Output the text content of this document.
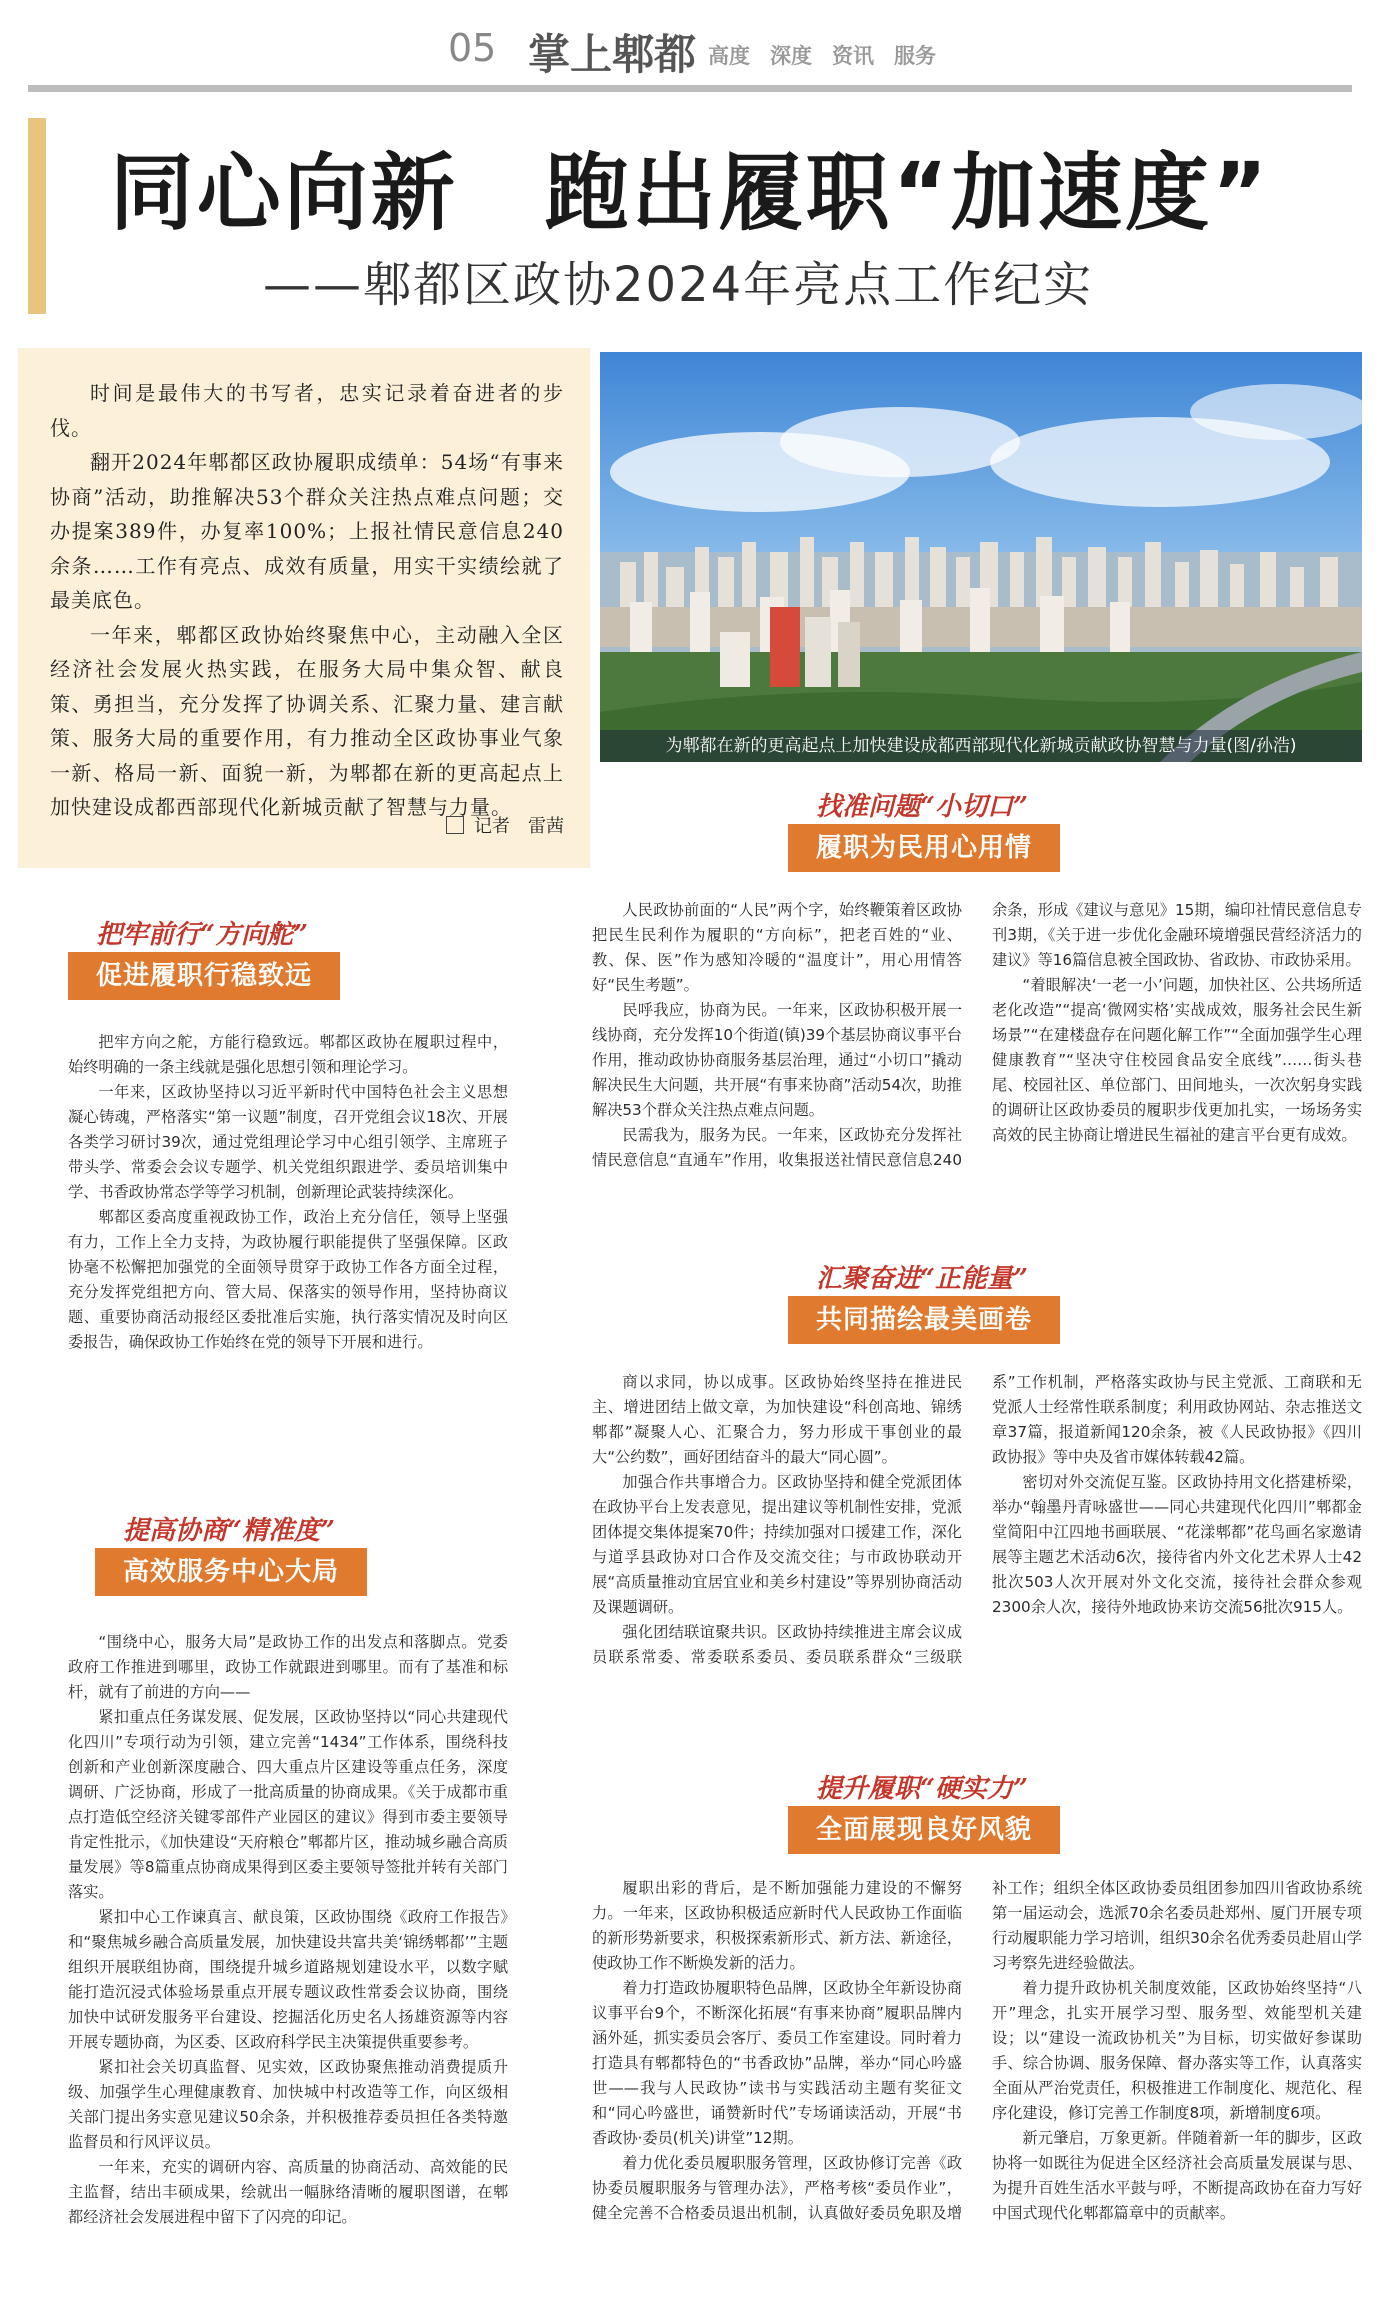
05 掌上郫都 高度 深度 资讯 服务
同心向新　跑出履职“加速度”
——郫都区政协2024年亮点工作纪实

时间是最伟大的书写者，忠实记录着奋进者的步伐。

翻开2024年郫都区政协履职成绩单：54场“有事来协商”活动，助推解决53个群众关注热点难点问题；交办提案389件，办复率100%；上报社情民意信息240余条……工作有亮点、成效有质量，用实干实绩绘就了最美底色。

一年来，郫都区政协始终聚焦中心，主动融入全区经济社会发展火热实践，在服务大局中集众智、献良策、勇担当，充分发挥了协调关系、汇聚力量、建言献策、服务大局的重要作用，有力推动全区政协事业气象一新、格局一新、面貌一新，为郫都在新的更高起点上加快建设成都西部现代化新城贡献了智慧与力量。

记者　雷茜
为郫都在新的更高起点上加快建设成都西部现代化新城贡献政协智慧与力量(图/孙浩)
把牢前行“方向舵”
促进履职行稳致远

把牢方向之舵，方能行稳致远。郫都区政协在履职过程中，始终明确的一条主线就是强化思想引领和理论学习。

一年来，区政协坚持以习近平新时代中国特色社会主义思想凝心铸魂，严格落实“第一议题”制度，召开党组会议18次、开展各类学习研讨39次，通过党组理论学习中心组引领学、主席班子带头学、常委会会议专题学、机关党组织跟进学、委员培训集中学、书香政协常态学等学习机制，创新理论武装持续深化。

郫都区委高度重视政协工作，政治上充分信任，领导上坚强有力，工作上全力支持，为政协履行职能提供了坚强保障。区政协毫不松懈把加强党的全面领导贯穿于政协工作各方面全过程，充分发挥党组把方向、管大局、保落实的领导作用，坚持协商议题、重要协商活动报经区委批准后实施，执行落实情况及时向区委报告，确保政协工作始终在党的领导下开展和进行。

提高协商“精准度”
高效服务中心大局

“围绕中心，服务大局”是政协工作的出发点和落脚点。党委政府工作推进到哪里，政协工作就跟进到哪里。而有了基准和标杆，就有了前进的方向——

紧扣重点任务谋发展、促发展，区政协坚持以“同心共建现代化四川”专项行动为引领，建立完善“1434”工作体系，围绕科技创新和产业创新深度融合、四大重点片区建设等重点任务，深度调研、广泛协商，形成了一批高质量的协商成果。《关于成都市重点打造低空经济关键零部件产业园区的建议》得到市委主要领导肯定性批示，《加快建设“天府粮仓”郫都片区，推动城乡融合高质量发展》等8篇重点协商成果得到区委主要领导签批并转有关部门落实。

紧扣中心工作谏真言、献良策，区政协围绕《政府工作报告》和“聚焦城乡融合高质量发展，加快建设共富共美‘锦绣郫都’”主题组织开展联组协商，围绕提升城乡道路规划建设水平，以数字赋能打造沉浸式体验场景重点开展专题议政性常委会议协商，围绕加快中试研发服务平台建设、挖掘活化历史名人扬雄资源等内容开展专题协商，为区委、区政府科学民主决策提供重要参考。

紧扣社会关切真监督、见实效，区政协聚焦推动消费提质升级、加强学生心理健康教育、加快城中村改造等工作，向区级相关部门提出务实意见建议50余条，并积极推荐委员担任各类特邀监督员和行风评议员。

一年来，充实的调研内容、高质量的协商活动、高效能的民主监督，结出丰硕成果，绘就出一幅脉络清晰的履职图谱，在郫都经济社会发展进程中留下了闪亮的印记。

找准问题“小切口”
履职为民用心用情

人民政协前面的“人民”两个字，始终鞭策着区政协把民生民利作为履职的“方向标”，把老百姓的“业、教、保、医”作为感知冷暖的“温度计”，用心用情答好“民生考题”。

民呼我应，协商为民。一年来，区政协积极开展一线协商，充分发挥10个街道(镇)39个基层协商议事平台作用，推动政协协商服务基层治理，通过“小切口”撬动解决民生大问题，共开展“有事来协商”活动54次，助推解决53个群众关注热点难点问题。

民需我为，服务为民。一年来，区政协充分发挥社情民意信息“直通车”作用，收集报送社情民意信息240余条，形成《建议与意见》15期，编印社情民意信息专刊3期，《关于进一步优化金融环境增强民营经济活力的建议》等16篇信息被全国政协、省政协、市政协采用。

“着眼解决‘一老一小’问题，加快社区、公共场所适老化改造”“提高‘微网实格’实战成效，服务社会民生新场景”“在建楼盘存在问题化解工作”“全面加强学生心理健康教育”“坚决守住校园食品安全底线”……街头巷尾、校园社区、单位部门、田间地头，一次次躬身实践的调研让区政协委员的履职步伐更加扎实，一场场务实高效的民主协商让增进民生福祉的建言平台更有成效。

汇聚奋进“正能量”
共同描绘最美画卷

商以求同，协以成事。区政协始终坚持在推进民主、增进团结上做文章，为加快建设“科创高地、锦绣郫都”凝聚人心、汇聚合力，努力形成干事创业的最大“公约数”，画好团结奋斗的最大“同心圆”。

加强合作共事增合力。区政协坚持和健全党派团体在政协平台上发表意见，提出建议等机制性安排，党派团体提交集体提案70件；持续加强对口援建工作，深化与道孚县政协对口合作及交流交往；与市政协联动开展“高质量推动宜居宜业和美乡村建设”等界别协商活动及课题调研。

强化团结联谊聚共识。区政协持续推进主席会议成员联系常委、常委联系委员、委员联系群众“三级联系”工作机制，严格落实政协与民主党派、工商联和无党派人士经常性联系制度；利用政协网站、杂志推送文章37篇，报道新闻120余条，被《人民政协报》《四川政协报》等中央及省市媒体转载42篇。

密切对外交流促互鉴。区政协持用文化搭建桥梁，举办“翰墨丹青咏盛世——同心共建现代化四川”郫都金堂简阳中江四地书画联展、“花漾郫都”花鸟画名家邀请展等主题艺术活动6次，接待省内外文化艺术界人士42批次503人次开展对外文化交流，接待社会群众参观2300余人次，接待外地政协来访交流56批次915人。

提升履职“硬实力”
全面展现良好风貌

履职出彩的背后，是不断加强能力建设的不懈努力。一年来，区政协积极适应新时代人民政协工作面临的新形势新要求，积极探索新形式、新方法、新途径，使政协工作不断焕发新的活力。

着力打造政协履职特色品牌，区政协全年新设协商议事平台9个，不断深化拓展“有事来协商”履职品牌内涵外延，抓实委员会客厅、委员工作室建设。同时着力打造具有郫都特色的“书香政协”品牌，举办“同心吟盛世——我与人民政协”读书与实践活动主题有奖征文和“同心吟盛世，诵赞新时代”专场诵读活动，开展“书香政协·委员(机关)讲堂”12期。

着力优化委员履职服务管理，区政协修订完善《政协委员履职服务与管理办法》，严格考核“委员作业”，健全完善不合格委员退出机制，认真做好委员免职及增补工作；组织全体区政协委员组团参加四川省政协系统第一届运动会，选派70余名委员赴郑州、厦门开展专项行动履职能力学习培训，组织30余名优秀委员赴眉山学习考察先进经验做法。

着力提升政协机关制度效能，区政协始终坚持“八开”理念，扎实开展学习型、服务型、效能型机关建设；以“建设一流政协机关”为目标，切实做好参谋助手、综合协调、服务保障、督办落实等工作，认真落实全面从严治党责任，积极推进工作制度化、规范化、程序化建设，修订完善工作制度8项，新增制度6项。

新元肇启，万象更新。伴随着新一年的脚步，区政协将一如既往为促进全区经济社会高质量发展谋与思、为提升百姓生活水平鼓与呼，不断提高政协在奋力写好中国式现代化郫都篇章中的贡献率。
